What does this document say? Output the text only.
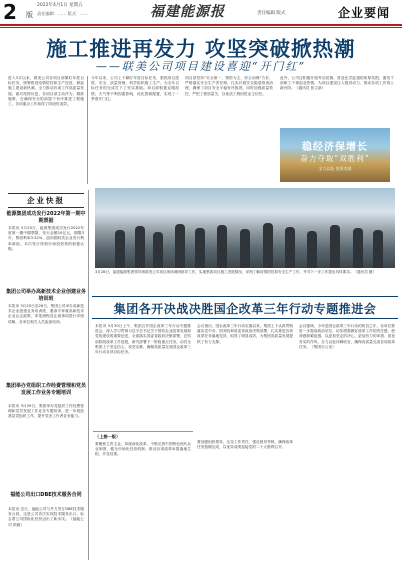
2 版
2022年4月1日 星期五
责任编辑：…… 版式：……	福建能源报	责任编辑 版式	企业要闻
施工推进再发力 攻坚突破掀热潮
——联美公司项目建设喜迎“开门红”
进入3月以来，联美公司各项目部紧盯年度目标任务，统筹推进疫情防控和生产经营，掀起施工建设新热潮，全力推动各项工作高质量发展。面对疫情反复，各项目部主动作为、精准施策，在确保安全的前提下有序推进工程施工，各项重点工作取得了阶段性成效。
今年以来，公司上下紧盯年度目标任务，狠抓项目进度、安全、质量管理，科学组织施工生产，为全年目标任务的完成打下了坚实基础。项目部积极克服疫情、天气等不利因素影响，优化资源配置，实现了一季度开门红。
项目部坚持“安全第一、预防为主、综合治理”方针，严格落实安全生产责任制，扎实开展安全隐患排查治理，确保了项目安全平稳有序推进。同时加强质量管控，严把工程质量关，以优质工程回报业主信任。
此外，公司还积极开展劳动竞赛，营造比学赶超的浓厚氛围，激发干部职工干事创业热情，为项目建设注入强劲动力，推动各项工作再上新台阶。（通讯员 张立新）
稳经济保增长
奋力夺取“双胜利”
全力以赴 攻坚克难
企业快报
能源集团成功发行2022年第一期中期票据
本报讯 3月25日，能源集团成功发行2022年度第一期中期票据，发行金额10亿元，期限3年，票面利率3.52%，创同期同类企业发行利率新低。本次发行得到市场投资者的积极认购。
集团公司举办高新技术企业创建业务培训班
本报讯 3月25日至26日，集团公司举办高新技术企业创建业务培训班，邀请专家就高新技术企业认定政策、申报流程及注意事项进行详细讲解，各单位相关人员参加培训。
集团举办党组织工作经费管理和党员发展工作业务专题培训
本报讯 3月29日，集团举办党组织工作经费管理和党员发展工作业务专题培训，进一步规范基层党组织工作，提升党务工作者业务能力。
福能公司出口DBE技术服务合同
本报讯 近日，福能公司与外方签订DBE技术服务合同，这是公司首次实现技术服务出口，标志着公司国际化经营迈出了新步伐。（福能公司 供稿）
3月28日，福建能源集团领导到联美公司项目现场调研指导工作，实地察看项目施工进展情况，详细了解疫情防控和安全生产工作，并对下一步工作提出具体要求。（通讯员 摄）
集团各开决战决胜国企改革三年行动专题推进会
本报讯 3月30日上午，集团召开国企改革三年行动专题推进会，深入学习贯彻习近平总书记关于国有企业改革发展和党的建设的重要论述，全面落实省委省政府决策部署，总结前阶段改革工作进展，研究部署下一阶段重点任务，动员全集团上下坚定信心、攻坚克难，确保高质量完成国企改革三年行动各项目标任务。
会议指出，国企改革三年行动实施以来，集团上下认真贯彻落实党中央、国务院和省委省政府决策部署，扎实推进各项改革任务落地见效，取得了明显成效，为集团高质量发展提供了有力支撑。
会议强调，今年是国企改革三年行动的收官之年，各单位要进一步提高政治站位，切实增强做好改革工作的责任感、使命感和紧迫感，以更加坚定的决心、更加有力的举措、更加务实的作风，全力以赴冲刺收官，确保高质量完成各项改革任务。（集团办公室）
（上接一版）
要聚焦主责主业，持续深化改革，不断完善中国特色现代企业制度，健全市场化经营机制，推动各项改革举措落地生根、开花结果。
要加强组织领导，压实工作责任，强化督导考核，确保改革任务按期完成，以优异成绩迎接党的二十大胜利召开。
